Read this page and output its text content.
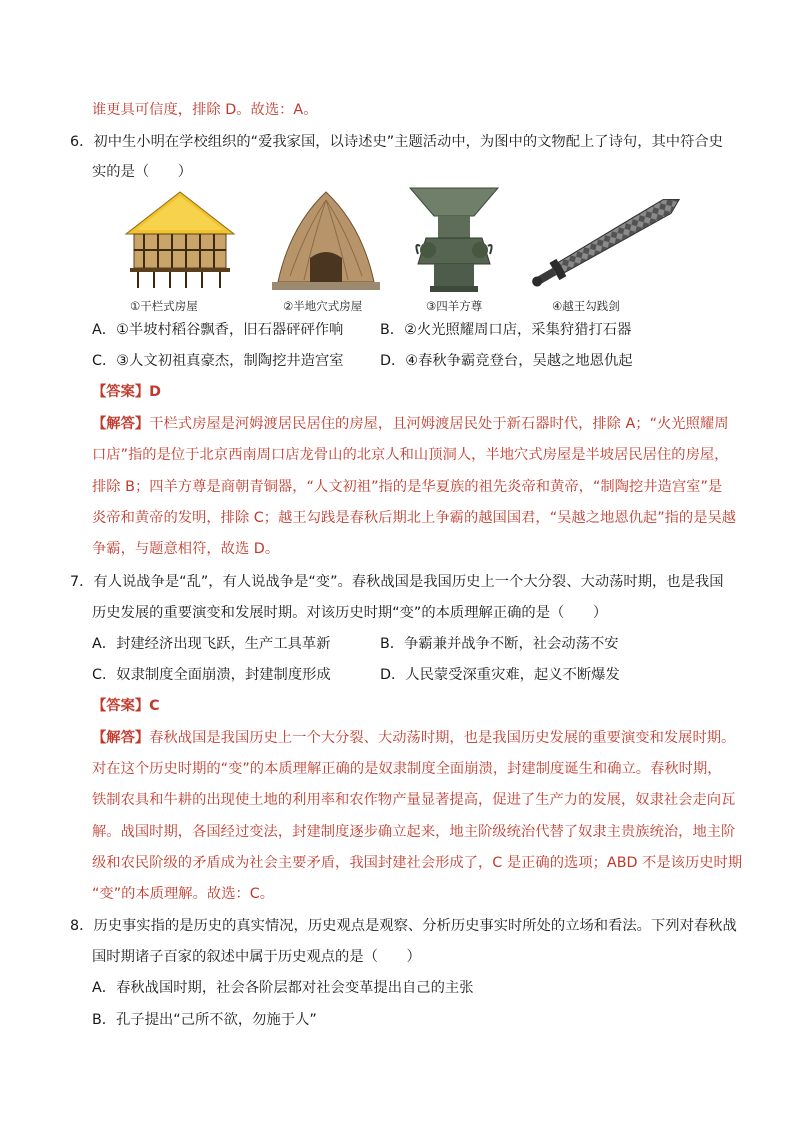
谁更具可信度，排除 D。故选：A。
6．初中生小明在学校组织的“爱我家国，以诗述史”主题活动中，为图中的文物配上了诗句，其中符合史
实的是（　　）
①干栏式房屋	②半地穴式房屋	③四羊方尊	④越王勾践剑
A．①半坡村稻谷飘香，旧石器砰砰作响	B．②火光照耀周口店，采集狩猎打石器
C．③人文初祖真豪杰，制陶挖井造宫室	D．④春秋争霸竞登台，吴越之地恩仇起
【答案】D
【解答】干栏式房屋是河姆渡居民居住的房屋，且河姆渡居民处于新石器时代，排除 A；“火光照耀周
口店”指的是位于北京西南周口店龙骨山的北京人和山顶洞人，半地穴式房屋是半坡居民居住的房屋，
排除 B；四羊方尊是商朝青铜器，“人文初祖”指的是华夏族的祖先炎帝和黄帝，“制陶挖井造宫室”是
炎帝和黄帝的发明，排除 C；越王勾践是春秋后期北上争霸的越国国君，“吴越之地恩仇起”指的是吴越
争霸，与题意相符，故选 D。
7．有人说战争是“乱”，有人说战争是“变”。春秋战国是我国历史上一个大分裂、大动荡时期，也是我国
历史发展的重要演变和发展时期。对该历史时期“变”的本质理解正确的是（　　）
A．封建经济出现飞跃，生产工具革新	B．争霸兼并战争不断，社会动荡不安
C．奴隶制度全面崩溃，封建制度形成	D．人民蒙受深重灾难，起义不断爆发
【答案】C
【解答】春秋战国是我国历史上一个大分裂、大动荡时期，也是我国历史发展的重要演变和发展时期。
对在这个历史时期的“变”的本质理解正确的是奴隶制度全面崩溃，封建制度诞生和确立。春秋时期，
铁制农具和牛耕的出现使土地的利用率和农作物产量显著提高，促进了生产力的发展，奴隶社会走向瓦
解。战国时期，各国经过变法，封建制度逐步确立起来，地主阶级统治代替了奴隶主贵族统治，地主阶
级和农民阶级的矛盾成为社会主要矛盾，我国封建社会形成了，C 是正确的选项；ABD 不是该历史时期
“变”的本质理解。故选：C。
8．历史事实指的是历史的真实情况，历史观点是观察、分析历史事实时所处的立场和看法。下列对春秋战
国时期诸子百家的叙述中属于历史观点的是（　　）
A．春秋战国时期，社会各阶层都对社会变革提出自己的主张
B．孔子提出“己所不欲，勿施于人”
